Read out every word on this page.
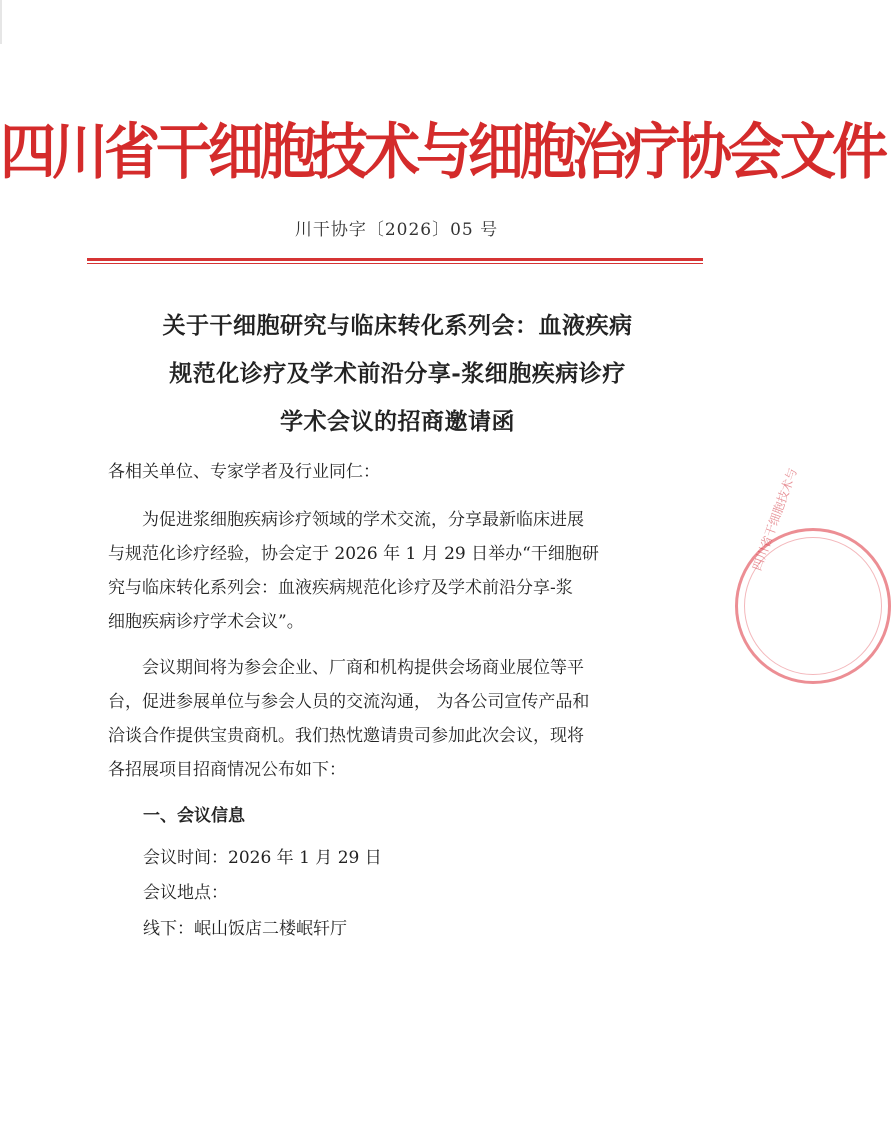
四川省干细胞技术与细胞治疗协会文件
川干协字〔2026〕05 号
关于干细胞研究与临床转化系列会：血液疾病
规范化诊疗及学术前沿分享-浆细胞疾病诊疗
学术会议的招商邀请函
各相关单位、专家学者及行业同仁：
　　为促进浆细胞疾病诊疗领域的学术交流，分享最新临床进展
与规范化诊疗经验，协会定于 2026 年 1 月 29 日举办“干细胞研
究与临床转化系列会：血液疾病规范化诊疗及学术前沿分享-浆
细胞疾病诊疗学术会议”。
　　会议期间将为参会企业、厂商和机构提供会场商业展位等平
台，促进参展单位与参会人员的交流沟通， 为各公司宣传产品和
洽谈合作提供宝贵商机。我们热忱邀请贵司参加此次会议，现将
各招展项目招商情况公布如下：
一、会议信息
会议时间：2026 年 1 月 29 日
会议地点：
线下：岷山饭店二楼岷轩厅
四川省干细胞技术与
